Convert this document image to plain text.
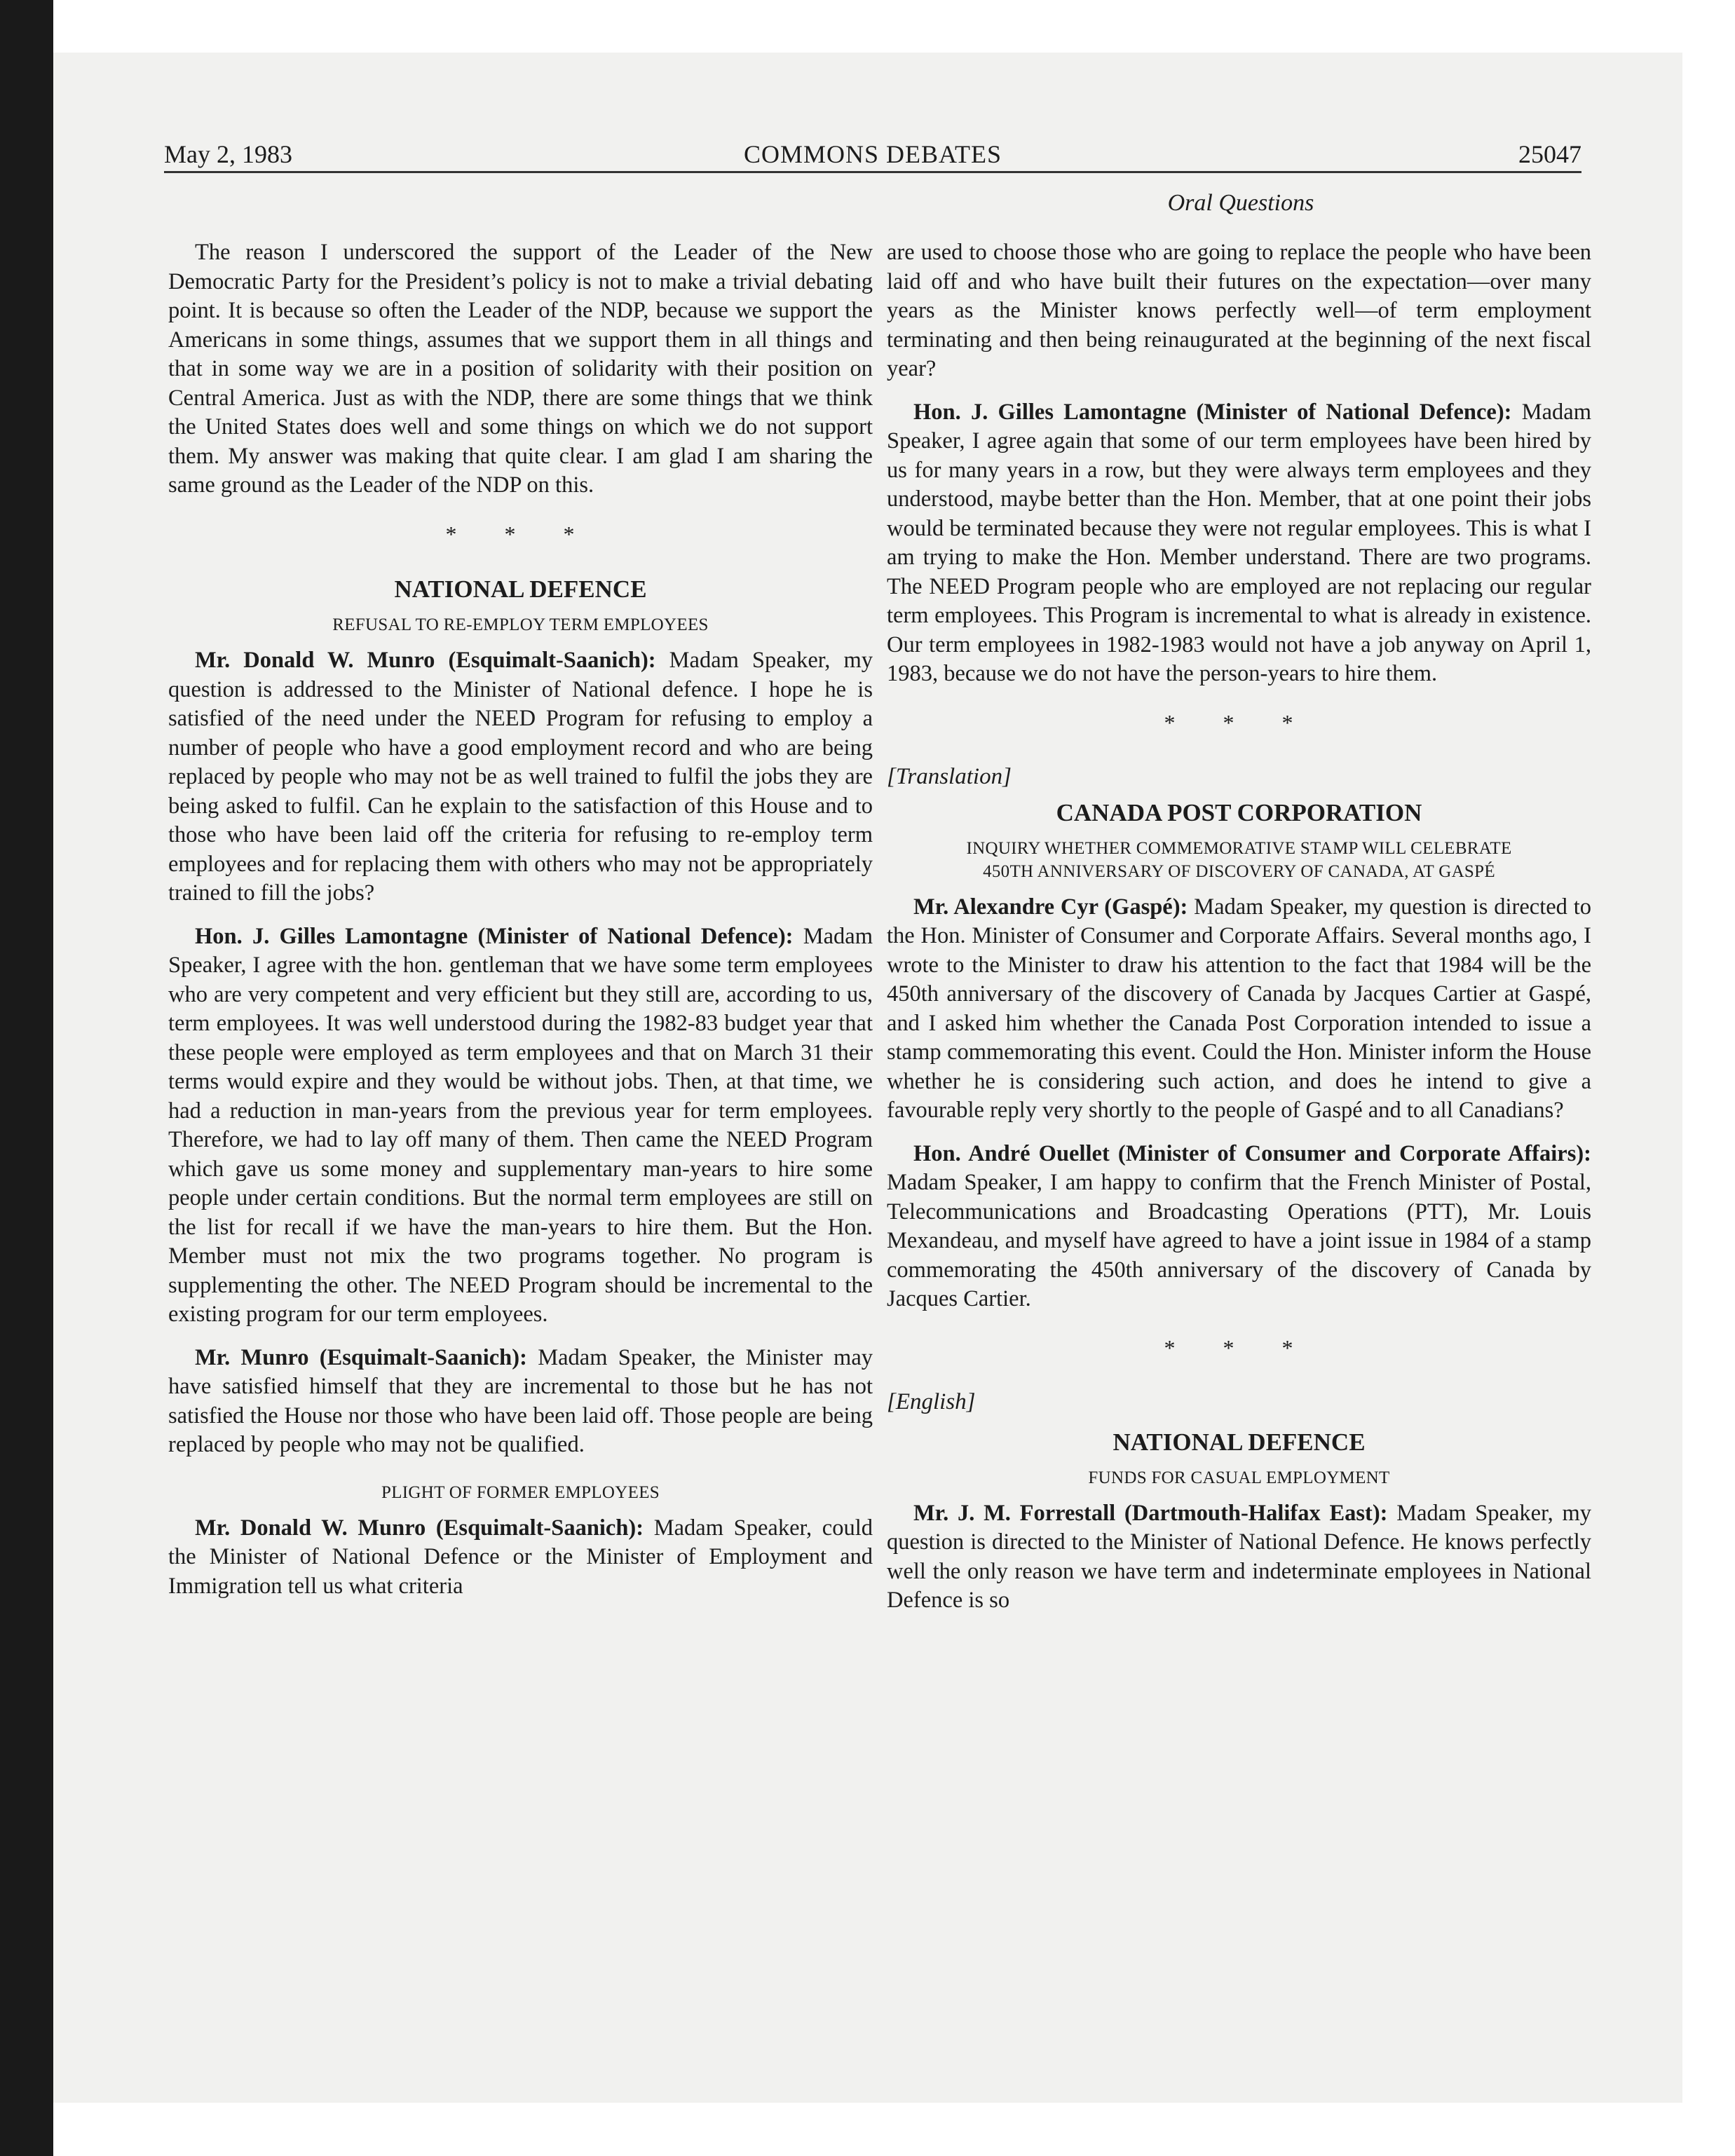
May 2, 1983	COMMONS DEBATES	25047
Oral Questions

The reason I underscored the support of the Leader of the New Democratic Party for the President’s policy is not to make a trivial debating point. It is because so often the Leader of the NDP, because we support the Americans in some things, assumes that we support them in all things and that in some way we are in a position of solidarity with their position on Central America. Just as with the NDP, there are some things that we think the United States does well and some things on which we do not support them. My answer was making that quite clear. I am glad I am sharing the same ground as the Leader of the NDP on this.

* * *
NATIONAL DEFENCE
REFUSAL TO RE-EMPLOY TERM EMPLOYEES

Mr. Donald W. Munro (Esquimalt-Saanich): Madam Speaker, my question is addressed to the Minister of National defence. I hope he is satisfied of the need under the NEED Program for refusing to employ a number of people who have a good employment record and who are being replaced by people who may not be as well trained to fulfil the jobs they are being asked to fulfil. Can he explain to the satisfaction of this House and to those who have been laid off the criteria for refusing to re-employ term employees and for replacing them with others who may not be appropriately trained to fill the jobs?

Hon. J. Gilles Lamontagne (Minister of National Defence): Madam Speaker, I agree with the hon. gentleman that we have some term employees who are very competent and very efficient but they still are, according to us, term employees. It was well understood during the 1982-83 budget year that these people were employed as term employees and that on March 31 their terms would expire and they would be without jobs. Then, at that time, we had a reduction in man-years from the previous year for term employees. Therefore, we had to lay off many of them. Then came the NEED Program which gave us some money and supplementary man-years to hire some people under certain conditions. But the normal term employees are still on the list for recall if we have the man-years to hire them. But the Hon. Member must not mix the two programs together. No program is supplementing the other. The NEED Program should be incremental to the existing program for our term employees.

Mr. Munro (Esquimalt-Saanich): Madam Speaker, the Minister may have satisfied himself that they are incremental to those but he has not satisfied the House nor those who have been laid off. Those people are being replaced by people who may not be qualified.

PLIGHT OF FORMER EMPLOYEES

Mr. Donald W. Munro (Esquimalt-Saanich): Madam Speaker, could the Minister of National Defence or the Minister of Employment and Immigration tell us what criteria

are used to choose those who are going to replace the people who have been laid off and who have built their futures on the expectation—over many years as the Minister knows perfectly well—of term employment terminating and then being reinaugurated at the beginning of the next fiscal year?

Hon. J. Gilles Lamontagne (Minister of National Defence): Madam Speaker, I agree again that some of our term employees have been hired by us for many years in a row, but they were always term employees and they understood, maybe better than the Hon. Member, that at one point their jobs would be terminated because they were not regular employees. This is what I am trying to make the Hon. Member understand. There are two programs. The NEED Program people who are employed are not replacing our regular term employees. This Program is incremental to what is already in existence. Our term employees in 1982-1983 would not have a job anyway on April 1, 1983, because we do not have the person-years to hire them.

* * *
[Translation]
CANADA POST CORPORATION
INQUIRY WHETHER COMMEMORATIVE STAMP WILL CELEBRATE
450TH ANNIVERSARY OF DISCOVERY OF CANADA, AT GASPÉ

Mr. Alexandre Cyr (Gaspé): Madam Speaker, my question is directed to the Hon. Minister of Consumer and Corporate Affairs. Several months ago, I wrote to the Minister to draw his attention to the fact that 1984 will be the 450th anniversary of the discovery of Canada by Jacques Cartier at Gaspé, and I asked him whether the Canada Post Corporation intended to issue a stamp commemorating this event. Could the Hon. Minister inform the House whether he is considering such action, and does he intend to give a favourable reply very shortly to the people of Gaspé and to all Canadians?

Hon. André Ouellet (Minister of Consumer and Corporate Affairs): Madam Speaker, I am happy to confirm that the French Minister of Postal, Telecommunications and Broadcasting Operations (PTT), Mr. Louis Mexandeau, and myself have agreed to have a joint issue in 1984 of a stamp commemorating the 450th anniversary of the discovery of Canada by Jacques Cartier.

* * *
[English]
NATIONAL DEFENCE
FUNDS FOR CASUAL EMPLOYMENT

Mr. J. M. Forrestall (Dartmouth-Halifax East): Madam Speaker, my question is directed to the Minister of National Defence. He knows perfectly well the only reason we have term and indeterminate employees in National Defence is so
